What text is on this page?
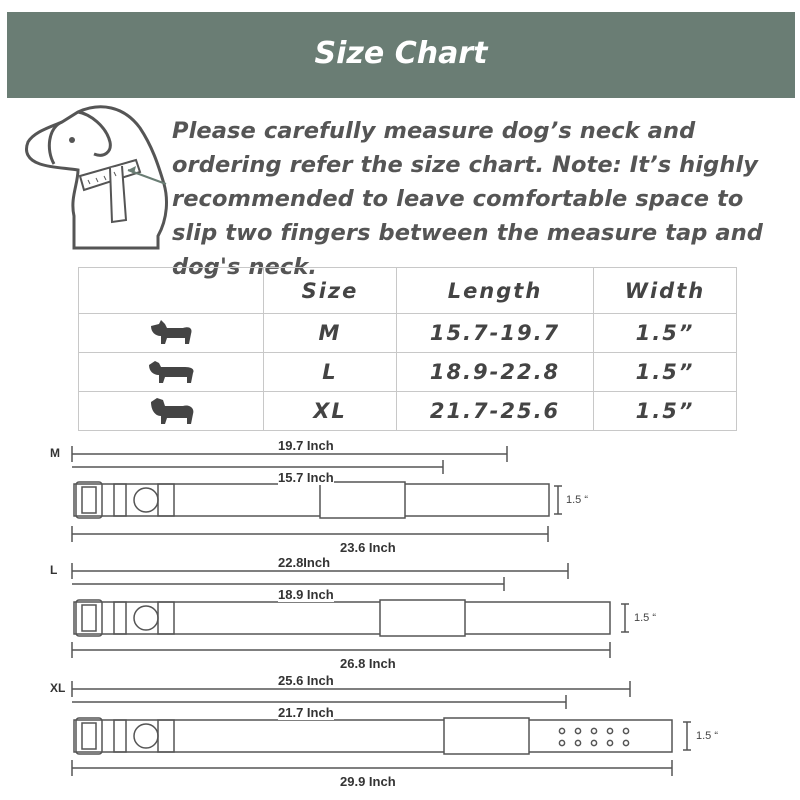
Size Chart
Please carefully measure dog’s neck and ordering refer the size chart. Note: It’s highly recommended to leave comfortable space to slip two fingers between the measure tap and dog's neck.
	Size	Length	Width
	M	15.7-19.7	1.5”
	L	18.9-22.8	1.5”
	XL	21.7-25.6	1.5”
M	19.7 Inch
15.7 Inch
1.5 “
23.6 Inch
L	22.8Inch
18.9 Inch
1.5 “
26.8 Inch
XL	25.6 Inch
21.7 Inch
1.5 “
29.9 Inch
